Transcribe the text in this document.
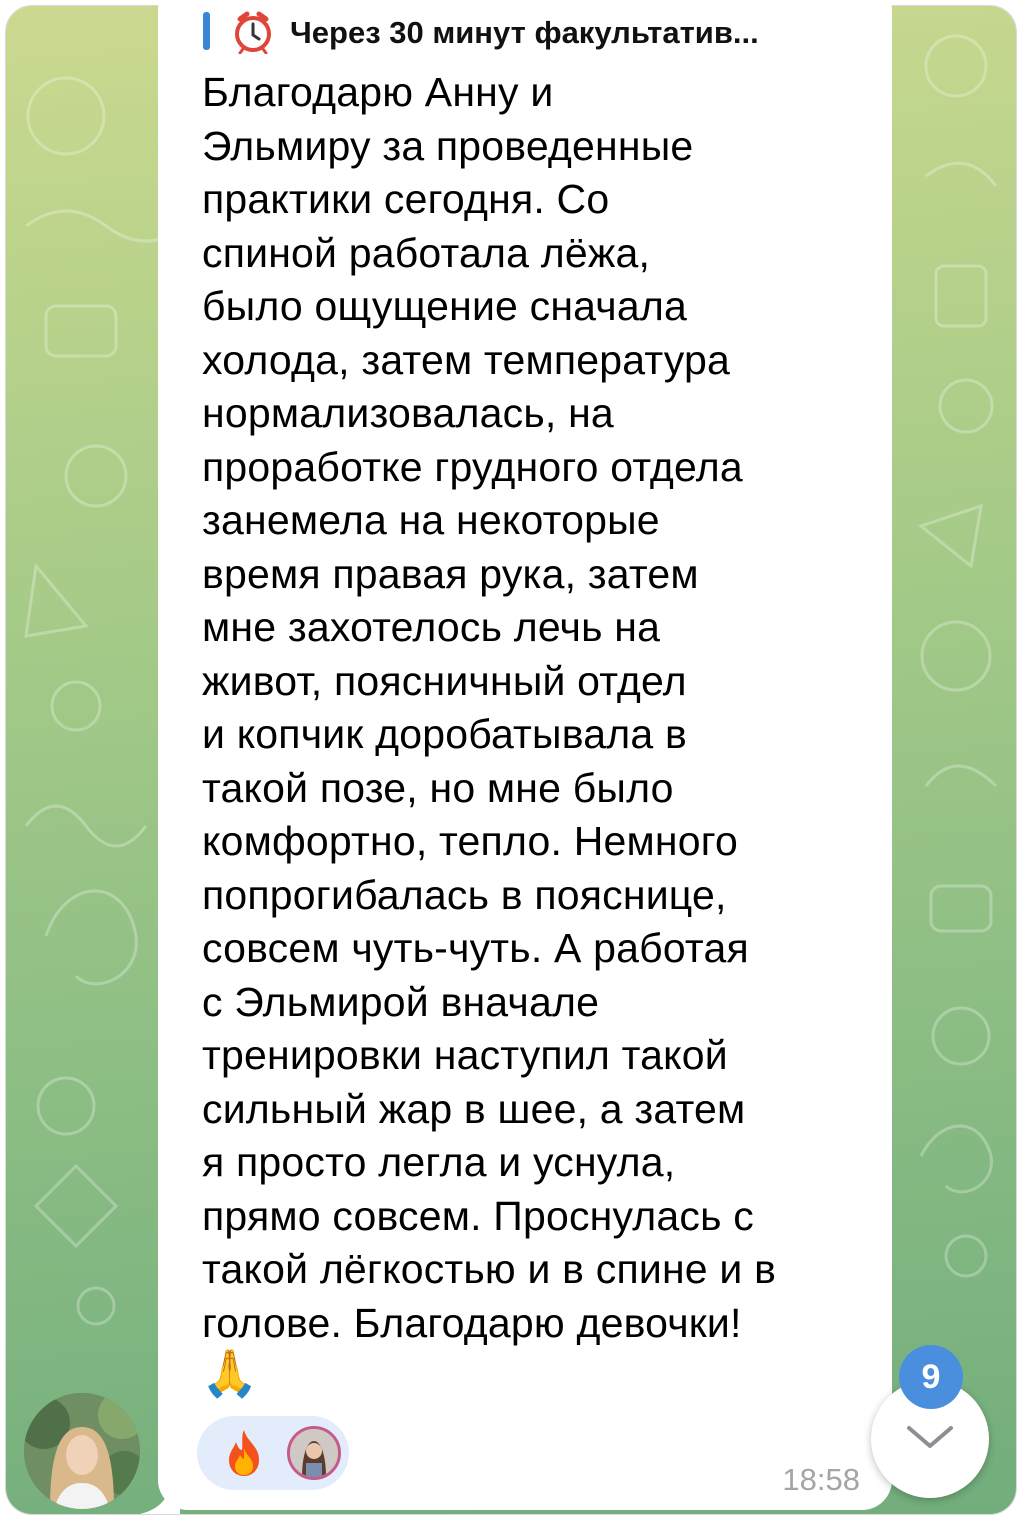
Через 30 минут факультатив...

Благодарю Анну и
Эльмиру за проведенные
практики сегодня. Со
спиной работала лёжа,
было ощущение сначала
холода, затем температура
нормализовалась, на
проработке грудного отдела
занемела на некоторые
время правая рука, затем
мне захотелось лечь на
живот, поясничный отдел
и копчик доробатывала в
такой позе, но мне было
комфортно, тепло. Немного
попрогибалась в пояснице,
совсем чуть-чуть. А работая
с Эльмирой вначале
тренировки наступил такой
сильный жар в шее, а затем
я просто легла и уснула,
прямо совсем. Проснулась с
такой лёгкостью и в спине и в
голове. Благодарю девочки!

🙏
18:58
9
